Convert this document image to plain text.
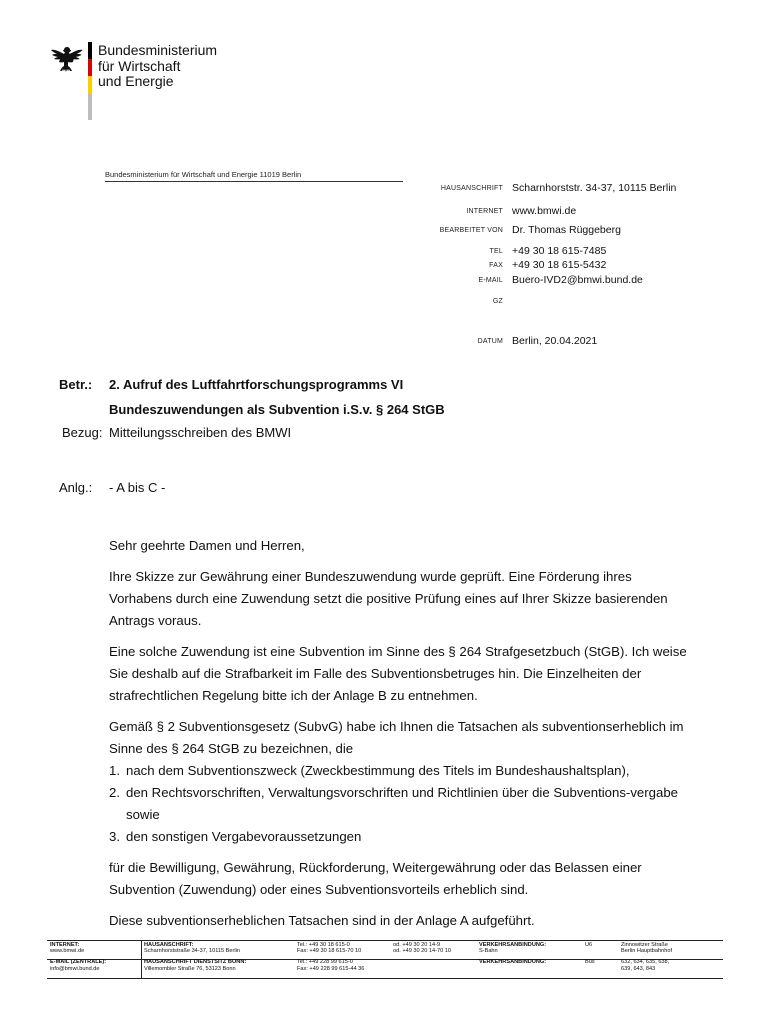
Bundesministerium
für Wirtschaft
und Energie
Bundesministerium für Wirtschaft und Energie 11019 Berlin
HAUSANSCHRIFT Scharnhorststr. 34-37, 10115 Berlin
INTERNET www.bmwi.de
BEARBEITET VON Dr. Thomas Rüggeberg
TEL +49 30 18 615-7485
FAX +49 30 18 615-5432
E-MAIL Buero-IVD2@bmwi.bund.de
GZ
DATUM Berlin, 20.04.2021
Betr.: 2. Aufruf des Luftfahrtforschungsprogramms VI
Bundeszuwendungen als Subvention i.S.v. § 264 StGB
Bezug: Mitteilungsschreiben des BMWI
Anlg.: - A bis C -

Sehr geehrte Damen und Herren,

Ihre Skizze zur Gewährung einer Bundeszuwendung wurde geprüft. Eine Förderung ihres Vorhabens durch eine Zuwendung setzt die positive Prüfung eines auf Ihrer Skizze basierenden Antrags voraus.

Eine solche Zuwendung ist eine Subvention im Sinne des § 264 Strafgesetzbuch (StGB). Ich weise Sie deshalb auf die Strafbarkeit im Falle des Subventionsbetruges hin. Die Einzelheiten der strafrechtlichen Regelung bitte ich der Anlage B zu entnehmen.

Gemäß § 2 Subventionsgesetz (SubvG) habe ich Ihnen die Tatsachen als subventionserheblich im Sinne des § 264 StGB zu bezeichnen, die

1. nach dem Subventionszweck (Zweckbestimmung des Titels im Bundeshaushaltsplan),
2. den Rechtsvorschriften, Verwaltungsvorschriften und Richtlinien über die Subventions-vergabe sowie
3. den sonstigen Vergabevoraussetzungen

für die Bewilligung, Gewährung, Rückforderung, Weitergewährung oder das Belassen einer Subvention (Zuwendung) oder eines Subventionsvorteils erheblich sind.

Diese subventionserheblichen Tatsachen sind in der Anlage A aufgeführt.

INTERNET:
www.bmwi.de
E-MAIL (ZENTRALE):
info@bmwi.bund.de
HAUSANSCHRIFT:
Scharnhorststraße 34-37, 10115 Berlin
HAUSANSCHRIFT DIENSTSITZ BONN:
Villemombler Straße 76, 53123 Bonn
Tel.: +49 30 18 615-0
Fax: +49 30 18 615-70 10
Tel.: +49 228 99 615-0
Fax: +49 228 99 615-44 36
od. +49 30 20 14-9
od. +49 30 20 14-70 10
VERKEHRSANBINDUNG:
S-Bahn
VERKEHRSANBINDUNG:
U6

Bus
Zinnowitzer Straße
Berlin Hauptbahnhof
632, 634, 635, 638,
639, 643, 843
